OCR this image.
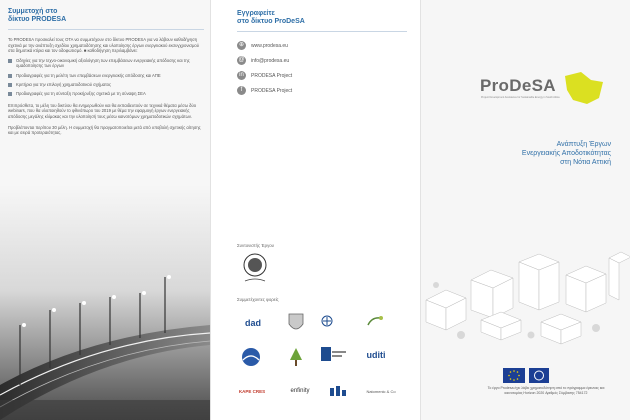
Συμμετοχή στο
δίκτυο PRODESA
Το PRODESA προσκαλεί τους ΟΤΑ να συμμετέχουν στο δίκτυο PRODESA για να λάβουν καθοδήγηση σχετικά με την ανάπτυξη σχεδίου χρηματοδότησης και υλοποίησης έργων ενεργειακού εκσυγχρονισμού στα δημοτικά κτίρια και τον οδοφωτισμό. ■ καθοδήγηση περιλαμβάνει:
Οδηγίες για την τεχνο-οικονομική αξιολόγηση των επεμβάσεων ενεργειακής απόδοσης και της ομαδοποίησης των έργων
Προδιαγραφές για τη μελέτη των επεμβάσεων ενεργειακής απόδοσης και ΑΠΕ
Κριτήρια για την επιλογή χρηματοδοτικού σχήματος
Προδιαγραφές για τη σύνταξη προκήρυξης σχετικά με τη σύναψη ΣΕΑ
Επιπρόσθετα, το μέλη του δικτύου θα ενημερωθούν και θα εκπαιδευτούν σε τεχνικά θέματα μέσω δύο webinars, που θα υλοποιηθούν το φθινόπωρο του 2019 με θέμα την εφαρμογή έργων ενεργειακής απόδοσης μεγάλης κλίμακας και την υλοποίησή τους μέσω καινοτόμων χρηματοδοτικών σχημάτων.
Προβλέπονται περίπου 30 μέλη. Η συμμετοχή θα πραγματοποιείται μετά από υποβολή σχετικής αίτησης και με σειρά προτεραιότητας.
Εγγραφείτε
στο δίκτυο ProDeSA
⊕	www.prodesa.eu
@ info@prodesa.eu
in	PRODESA Project
f	PRODESA Project
Συντονιστής Έργου
Συμμετέχοντες φορείς
dad
uditi
KAPE CRES	enfinity	Natomenic & Co
ProDeSA
Project Development Assistance for Sustainable Energy in South Attica
Ανάπτυξη Έργων
Ενεργειακής Αποδοτικότητας
στη Νότια Αττική
Το έργο Prodesa έχει λάβει χρηματοδότηση από το πρόγραμμα έρευνας και καινοτομίας Horizon 2020 Αριθμός Σύμβασης 754172
